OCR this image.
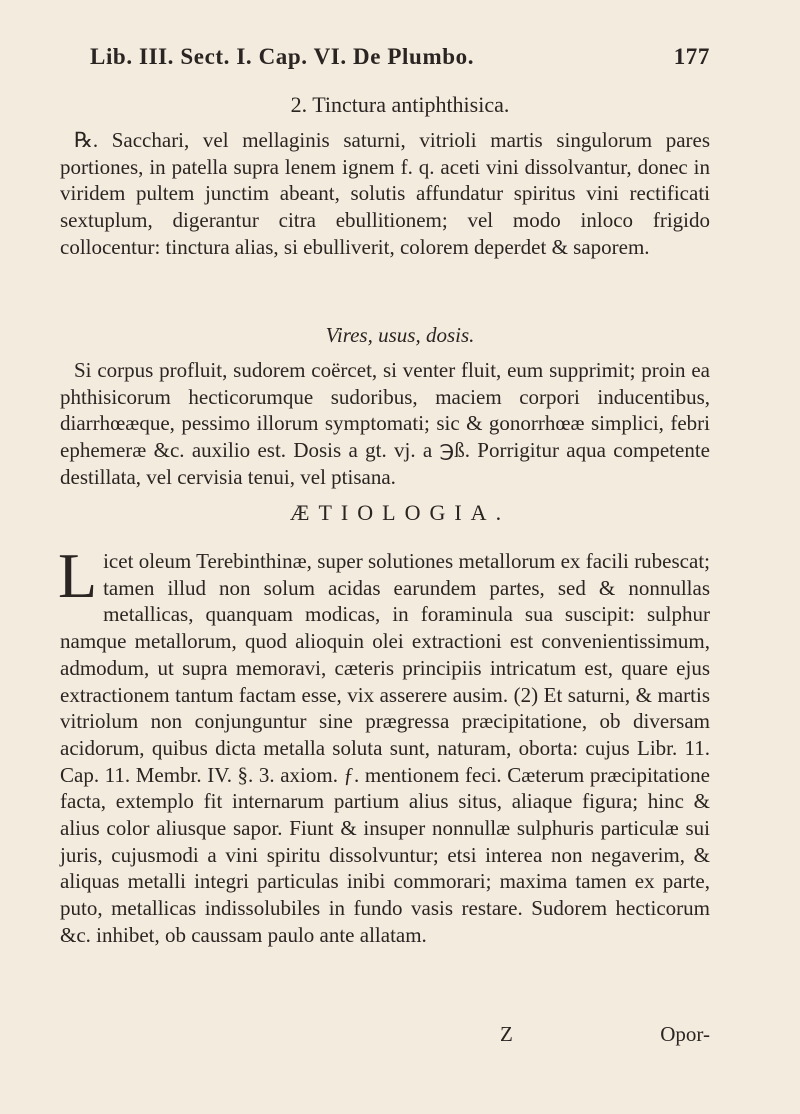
Lib. III. Sect. I. Cap. VI. De Plumbo.	177
2. Tinctura antiphthisica.

℞. Sacchari, vel mellaginis saturni, vitrioli martis singulorum pares portiones, in patella supra lenem ignem f. q. aceti vini dissolvantur, donec in viridem pultem junctim abeant, solutis affundatur spiritus vini rectificati sextuplum, digerantur citra ebullitionem; vel modo inloco frigido collocentur: tinctura alias, si ebulliverit, colorem deperdet & saporem.

Vires, usus, dosis.

Si corpus profluit, sudorem coërcet, si venter fluit, eum supprimit; proin ea phthisicorum hecticorumque sudoribus, maciem corpori inducentibus, diarrhœæque, pessimo illorum symptomati; sic & gonorrhœæ simplici, febri ephemeræ &c. auxilio est. Dosis a gt. vj. a ℈ß. Porrigitur aqua competente destillata, vel cervisia tenui, vel ptisana.

ÆTIOLOGIA.

Licet oleum Terebinthinæ, super solutiones metallorum ex facili rubescat; tamen illud non solum acidas earundem partes, sed & nonnullas metallicas, quanquam modicas, in foraminula sua suscipit: sulphur namque metallorum, quod alioquin olei extractioni est convenientissimum, admodum, ut supra memoravi, cæteris principiis intricatum est, quare ejus extractionem tantum factam esse, vix asserere ausim. (2) Et saturni, & martis vitriolum non conjunguntur sine prægressa præcipitatione, ob diversam acidorum, quibus dicta metalla soluta sunt, naturam, oborta: cujus Libr. 11. Cap. 11. Membr. IV. §. 3. axiom. ƒ. mentionem feci. Cæterum præcipitatione facta, extemplo fit internarum partium alius situs, aliaque figura; hinc & alius color aliusque sapor. Fiunt & insuper nonnullæ sulphuris particulæ sui juris, cujusmodi a vini spiritu dissolvuntur; etsi interea non negaverim, & aliquas metalli integri particulas inibi commorari; maxima tamen ex parte, puto, metallicas indissolubiles in fundo vasis restare. Sudorem hecticorum &c. inhibet, ob caussam paulo ante allatam.

Z	Opor-
